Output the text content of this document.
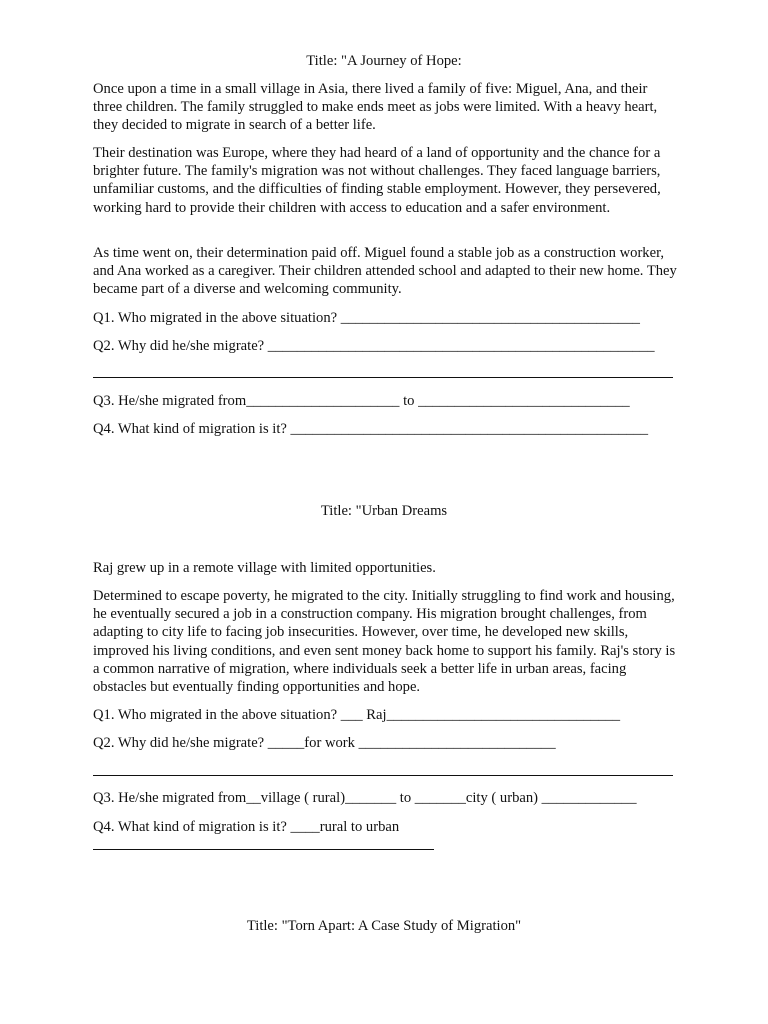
Title: "A Journey of Hope:
Once upon a time in a small village in Asia, there lived a family of five: Miguel, Ana, and their three children. The family struggled to make ends meet as jobs were limited. With a heavy heart, they decided to migrate in search of a better life.
Their destination was Europe, where they had heard of a land of opportunity and the chance for a brighter future. The family's migration was not without challenges. They faced language barriers, unfamiliar customs, and the difficulties of finding stable employment. However, they persevered, working hard to provide their children with access to education and a safer environment.
As time went on, their determination paid off. Miguel found a stable job as a construction worker, and Ana worked as a caregiver. Their children attended school and adapted to their new home. They became part of a diverse and welcoming community.
Q1. Who migrated in the above situation? _________________________________________
Q2. Why did he/she migrate? _____________________________________________________
Q3. He/she migrated from_____________________ to _____________________________
Q4. What kind of migration is it? _________________________________________________
Title: "Urban Dreams
Raj grew up in a remote village with limited opportunities.
Determined to escape poverty, he migrated to the city. Initially struggling to find work and housing, he eventually secured a job in a construction company. His migration brought challenges, from adapting to city life to facing job insecurities. However, over time, he developed new skills, improved his living conditions, and even sent money back home to support his family. Raj's story is a common narrative of migration, where individuals seek a better life in urban areas, facing obstacles but eventually finding opportunities and hope.
Q1. Who migrated in the above situation? ___ Raj________________________________
Q2. Why did he/she migrate? _____for work ___________________________
Q3. He/she migrated from__village ( rural)_______ to _______city ( urban) _____________
Q4. What kind of migration is it? ____rural to urban
Title: "Torn Apart: A Case Study of Migration"
